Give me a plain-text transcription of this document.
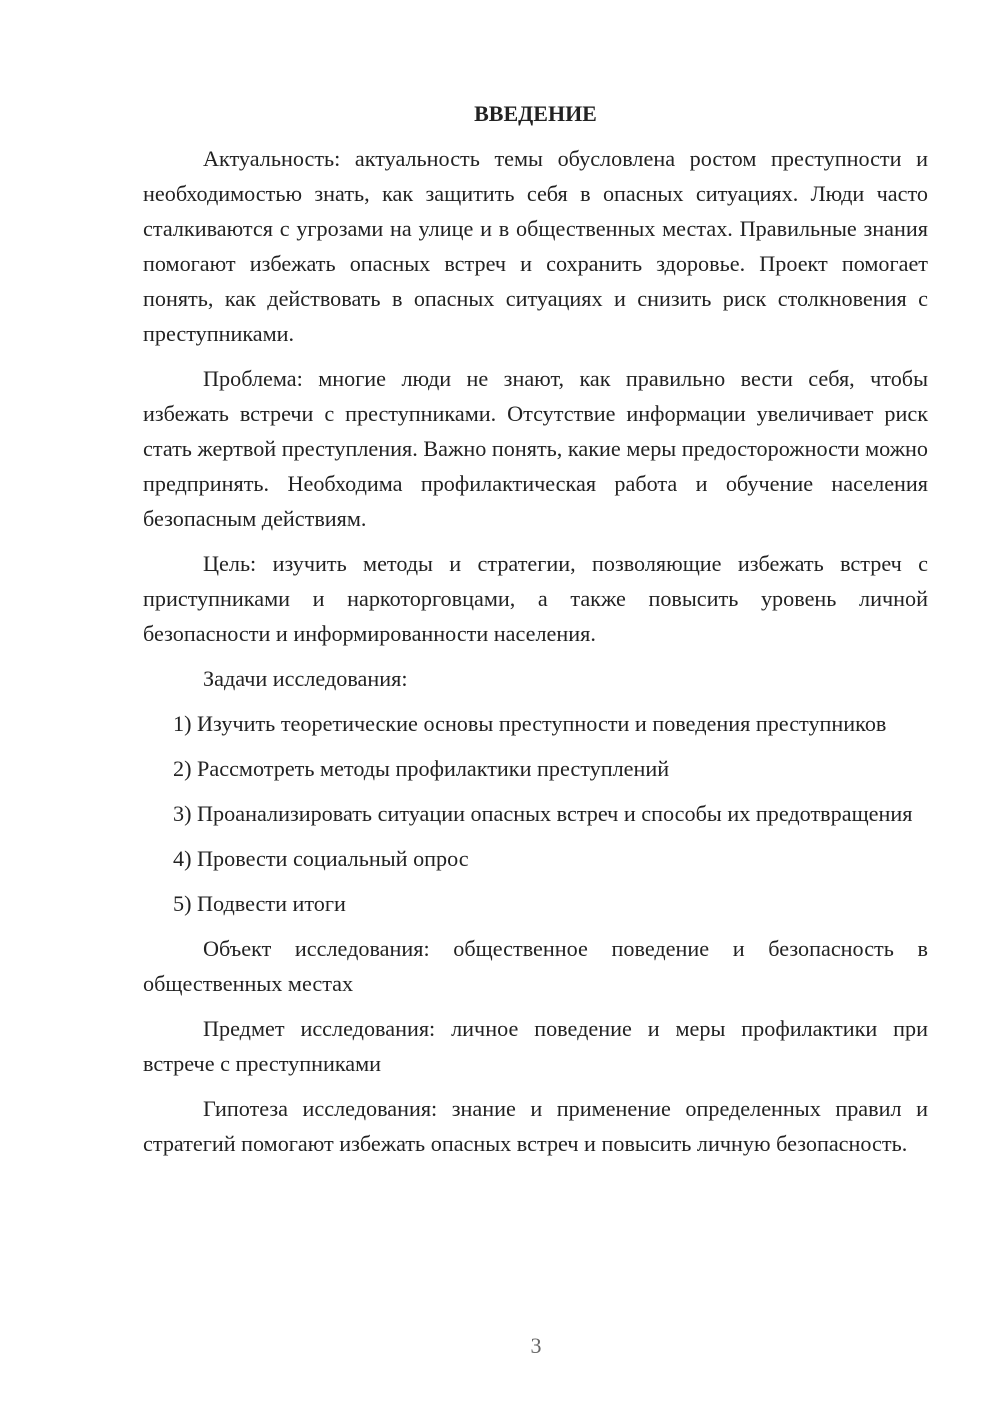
ВВЕДЕНИЕ

Актуальность: актуальность темы обусловлена ростом преступности и необходимостью знать, как защитить себя в опасных ситуациях. Люди часто сталкиваются с угрозами на улице и в общественных местах. Правильные знания помогают избежать опасных встреч и сохранить здоровье. Проект помогает понять, как действовать в опасных ситуациях и снизить риск столкновения с преступниками.

Проблема: многие люди не знают, как правильно вести себя, чтобы избежать встречи с преступниками. Отсутствие информации увеличивает риск стать жертвой преступления. Важно понять, какие меры предосторожности можно предпринять. Необходима профилактическая работа и обучение населения безопасным действиям.

Цель: изучить методы и стратегии, позволяющие избежать встреч с приступниками и наркоторговцами, а также повысить уровень личной безопасности и информированности населения.

Задачи исследования:

1) Изучить теоретические основы преступности и поведения преступников

2) Рассмотреть методы профилактики преступлений

3) Проанализировать ситуации опасных встреч и способы их предотвращения

4) Провести социальный опрос

5) Подвести итоги

Объект исследования: общественное поведение и безопасность в общественных местах

Предмет исследования: личное поведение и меры профилактики при встрече с преступниками

Гипотеза исследования: знание и применение определенных правил и стратегий помогают избежать опасных встреч и повысить личную безопасность.

3
